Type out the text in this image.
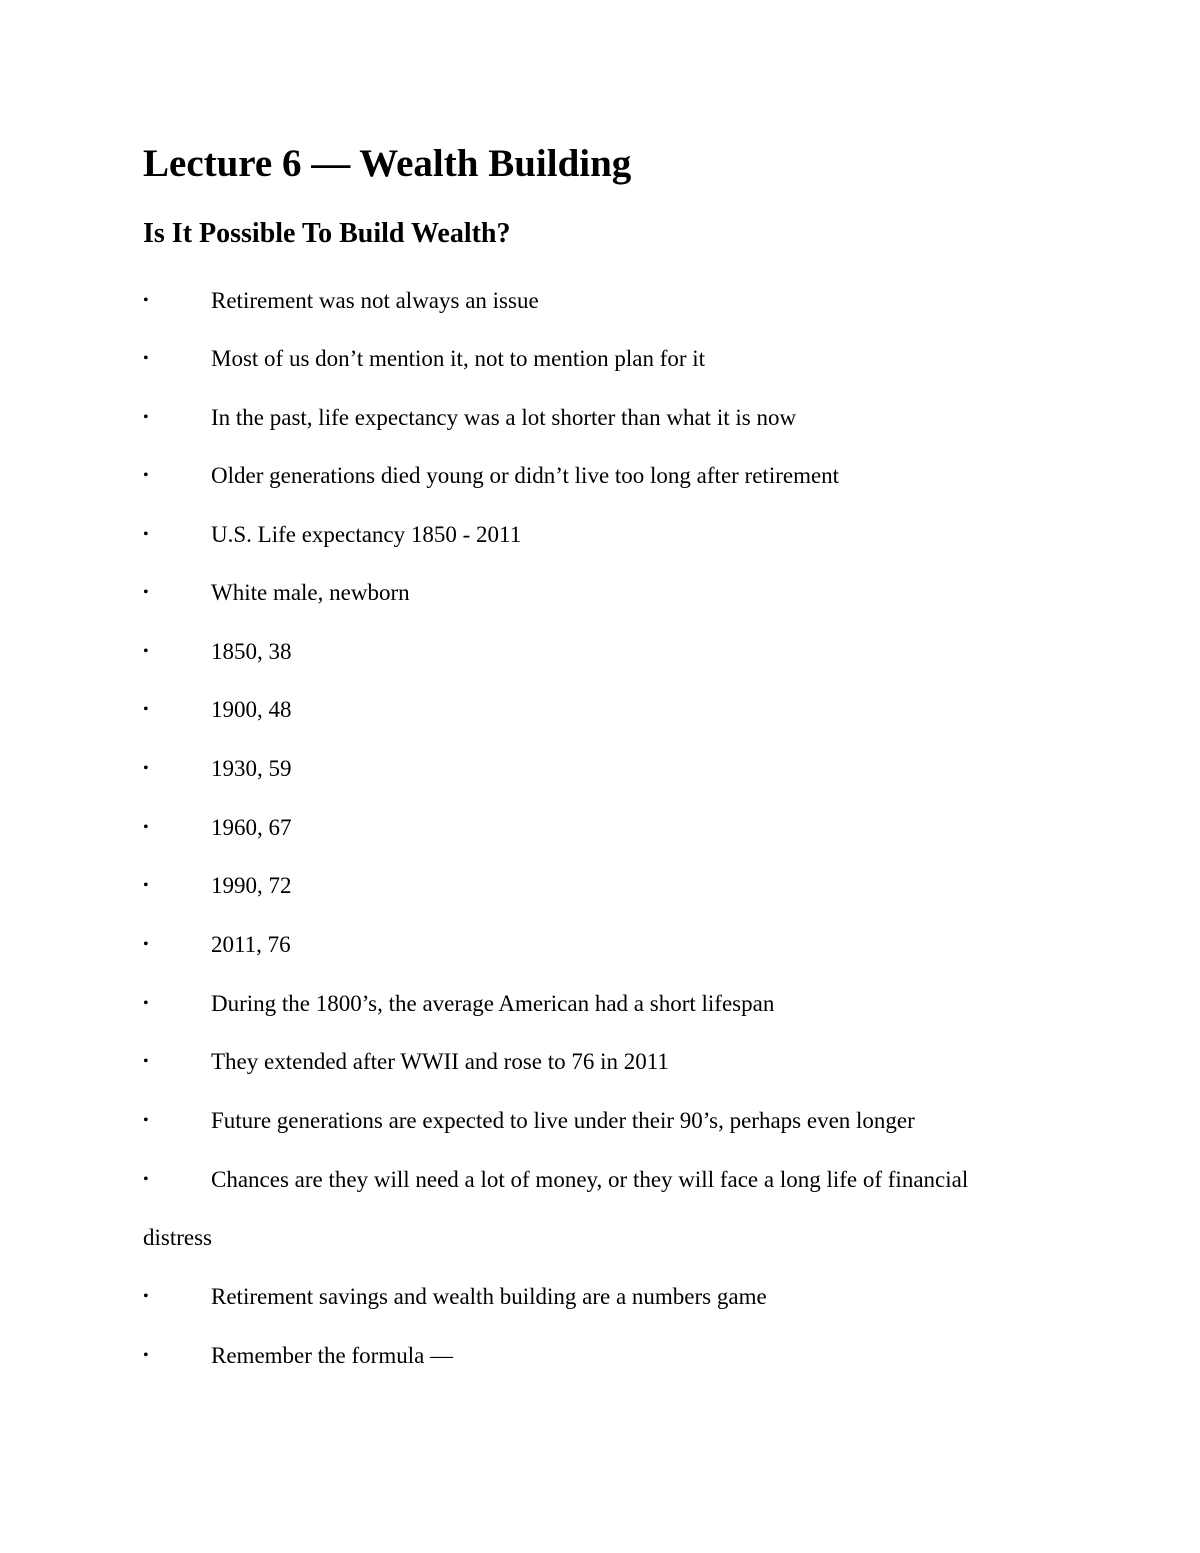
Lecture 6 — Wealth Building
Is It Possible To Build Wealth?
•	Retirement was not always an issue
•	Most of us don’t mention it, not to mention plan for it
•	In the past, life expectancy was a lot shorter than what it is now
•	Older generations died young or didn’t live too long after retirement
•	U.S. Life expectancy 1850 - 2011
•	White male, newborn
•	1850, 38
•	1900, 48
•	1930, 59
•	1960, 67
•	1990, 72
•	2011, 76
•	During the 1800’s, the average American had a short lifespan
•	They extended after WWII and rose to 76 in 2011
•	Future generations are expected to live under their 90’s, perhaps even longer
•	Chances are they will need a lot of money, or they will face a long life of financial
•	Retirement savings and wealth building are a numbers game
•	Remember the formula —
distress
